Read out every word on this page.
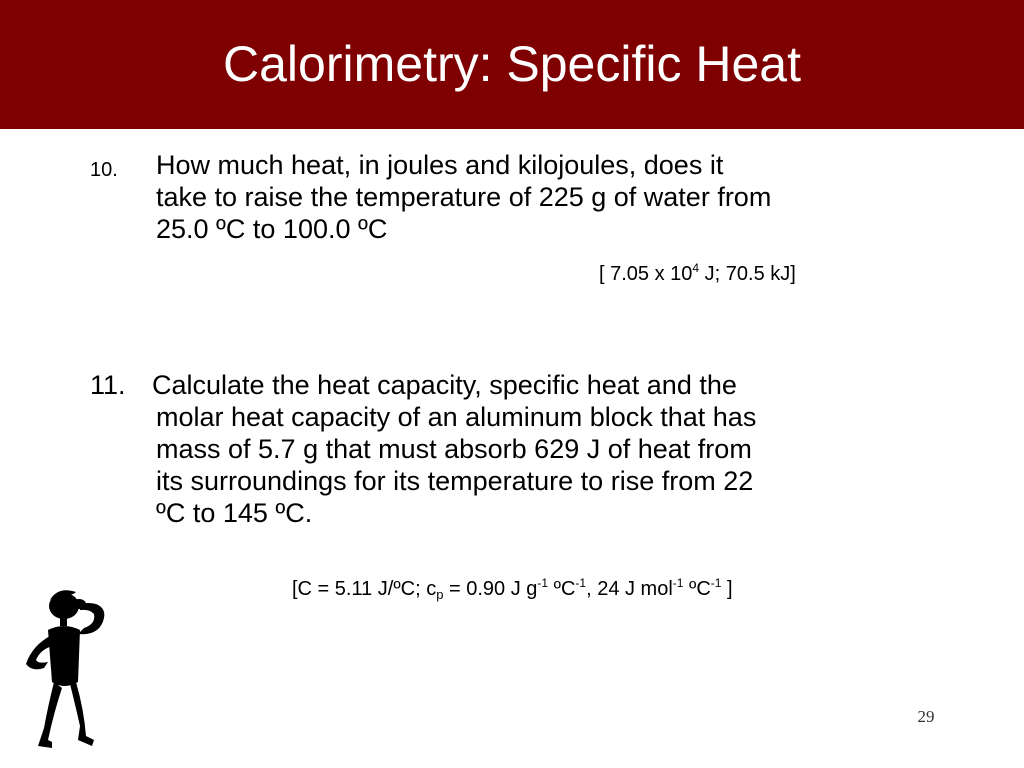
Calorimetry: Specific Heat
10. How much heat, in joules and kilojoules, does it
take to raise the temperature of 225 g of water from
25.0 ºC to 100.0 ºC
[ 7.05 x $10^4$ J; 70.5 kJ]
11. Calculate the heat capacity, specific heat and the
molar heat capacity of an aluminum block that has
mass of 5.7 g that must absorb 629 J of heat from
its surroundings for its temperature to rise from 22
ºC to 145 ºC.
[C = 5.11 J/ºC; $c_p = 0.90$ J $g^{-1}$ ºC$^{-1}$, 24 J mol$^{-1}$ ºC$^{-1}$ ]
29
